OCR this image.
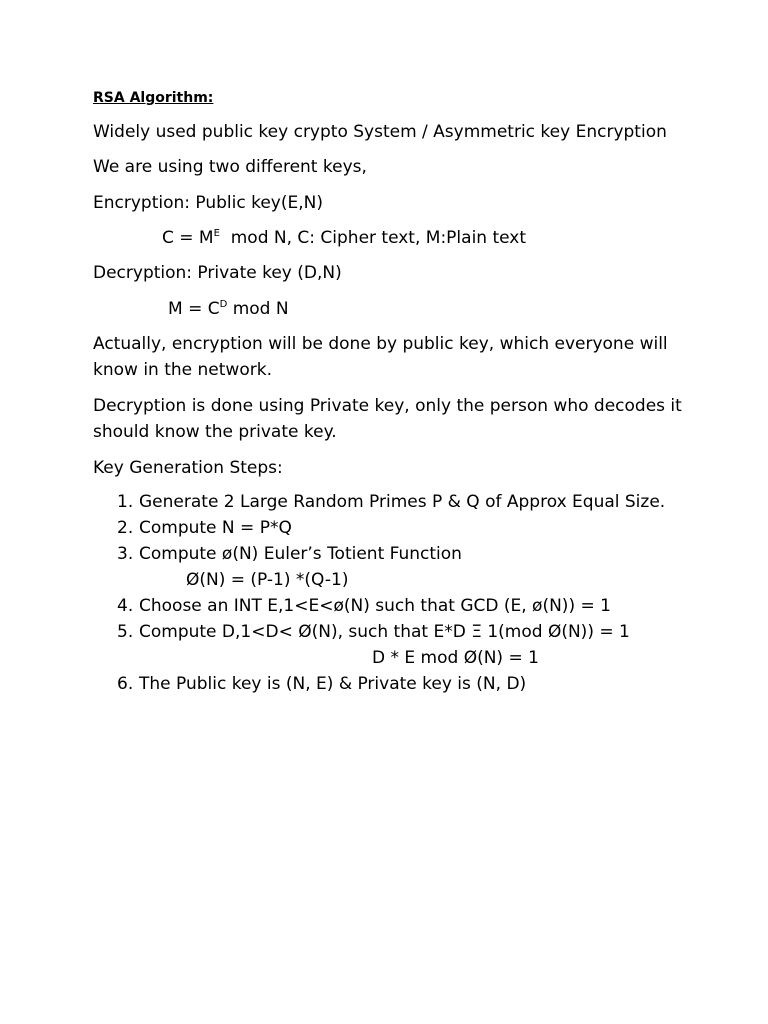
RSA Algorithm:
Widely used public key crypto System / Asymmetric key Encryption
We are using two different keys,
Encryption: Public key(E,N)
$C = M^E$  mod N, C: Cipher text, M:Plain text
Decryption: Private key (D,N)
$M = C^D$ mod N
Actually, encryption will be done by public key, which everyone will
know in the network.
Decryption is done using Private key, only the person who decodes it
should know the private key.
Key Generation Steps:
1. Generate 2 Large Random Primes P & Q of Approx Equal Size.
2. Compute N = P*Q
3. Compute ø(N) Euler’s Totient Function
Ø(N) = (P-1) *(Q-1)
4. Choose an INT E,1<E<ø(N) such that GCD (E, ø(N)) = 1
5. Compute D,1<D< Ø(N), such that E*D Ξ 1(mod Ø(N)) = 1
D * E mod Ø(N) = 1
6. The Public key is (N, E) & Private key is (N, D)
